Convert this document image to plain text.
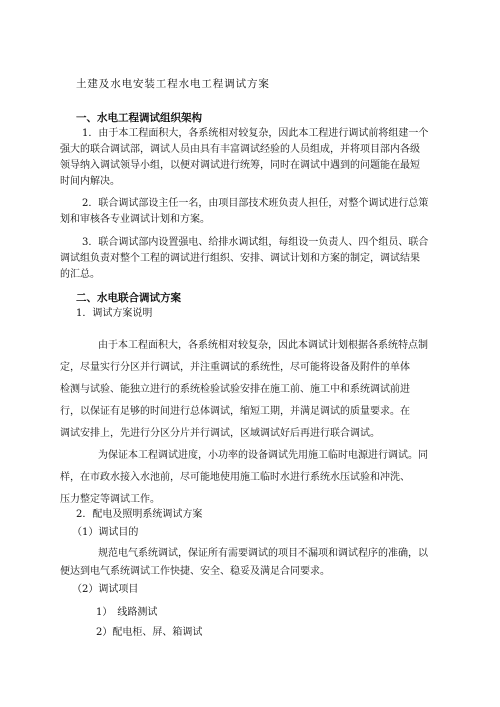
土建及水电安装工程水电工程调试方案
一、水电工程调试组织架构
1．由于本工程面积大，各系统相对较复杂，因此本工程进行调试前将组建一个
强大的联合调试部，调试人员由具有丰富调试经验的人员组成，并将项目部内各级
领导纳入调试领导小组，以便对调试进行统筹，同时在调试中遇到的问题能在最短
时间内解决。
2．联合调试部设主任一名，由项目部技术班负责人担任，对整个调试进行总策
划和审核各专业调试计划和方案。
3．联合调试部内设置强电、给排水调试组，每组设一负责人、四个组员、联合
调试组负责对整个工程的调试进行组织、安排、调试计划和方案的制定，调试结果
的汇总。
二、水电联合调试方案
1．调试方案说明
由于本工程面积大，各系统相对较复杂，因此本调试计划根据各系统特点制
定，尽量实行分区并行调试，并注重调试的系统性，尽可能将设备及附件的单体
检测与试验、能独立进行的系统检验试验安排在施工前、施工中和系统调试前进
行，以保证有足够的时间进行总体调试，缩短工期，并满足调试的质量要求。在
调试安排上，先进行分区分片并行调试，区域调试好后再进行联合调试。
为保证本工程调试进度，小功率的设备调试先用施工临时电源进行调试。同
样，在市政水接入水池前，尽可能地使用施工临时水进行系统水压试验和冲洗、
压力整定等调试工作。
2．配电及照明系统调试方案
（1）调试目的
规范电气系统调试，保证所有需要调试的项目不漏项和调试程序的准确，以
便达到电气系统调试工作快捷、安全、稳妥及满足合同要求。
（2）调试项目
1）　线路测试
2）配电柜、屏、箱调试
